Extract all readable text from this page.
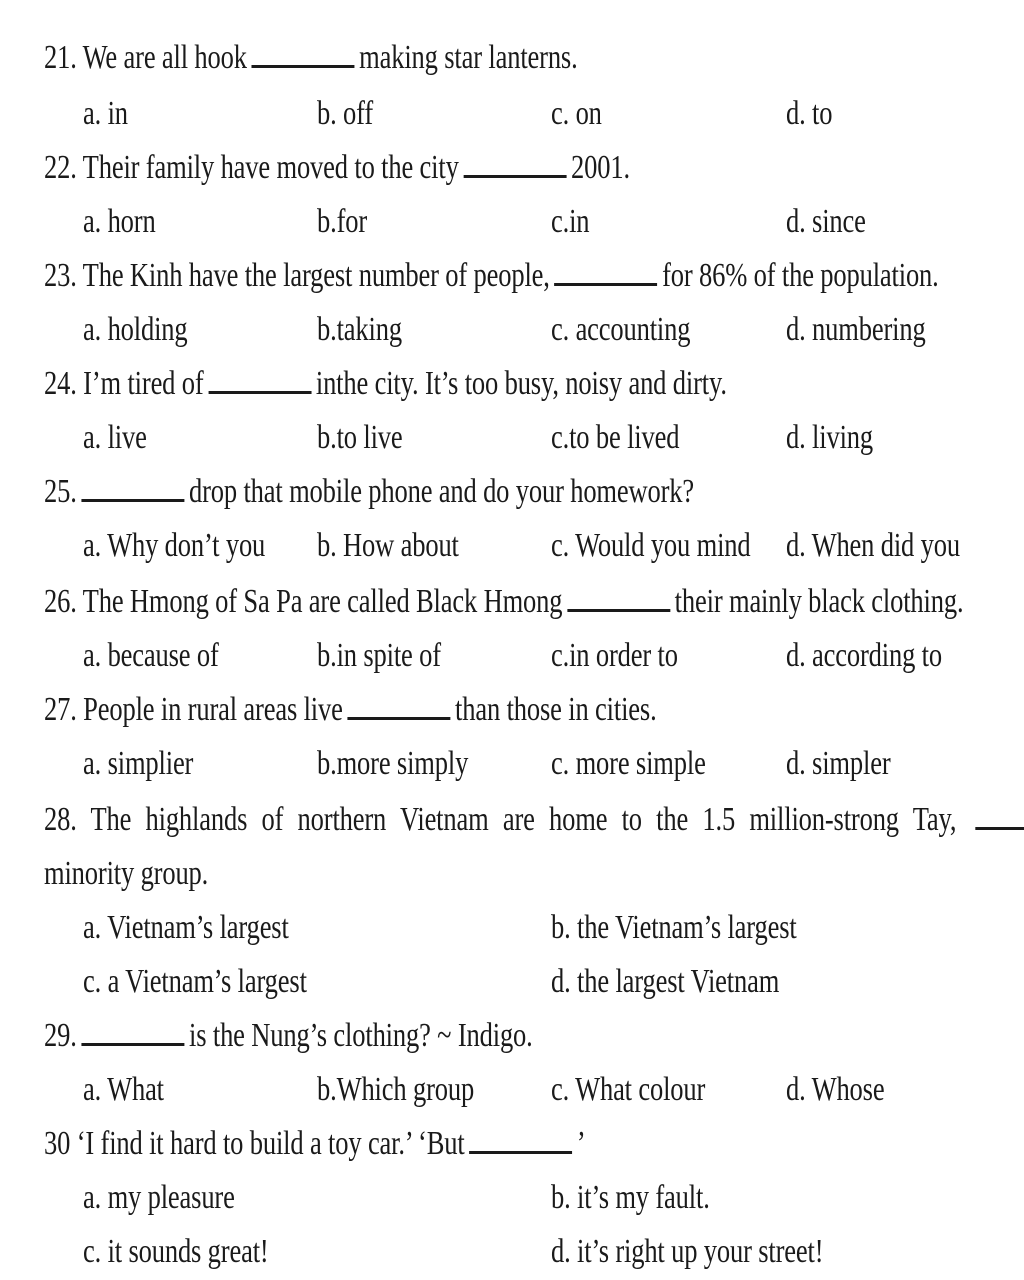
21. We are all hook	making star lanterns.
a. in	b. off	c. on	d. to
22. Their family have moved to the city	2001.
a. horn	b.for	c.in	d. since
23. The Kinh have the largest number of people,	for 86% of the population.
a. holding	b.taking	c. accounting	d. numbering
24. I’m tired of	inthe city. It’s too busy, noisy and dirty.
a. live	b.to live	c.to be lived	d. living
25.	drop that mobile phone and do your homework?
a. Why don’t you b. How about	c. Would you mind d. When did you
26. The Hmong of Sa Pa are called Black Hmong	their mainly black clothing.
a. because of	b.in spite of	c.in order to	d. according to
27. People in rural areas live	than those in cities.
a. simplier	b.more simply c. more simple d. simpler
28. The highlands of northern Vietnam are home to the 1.5 million-strong Tay,
minority group.
a. Vietnam’s largest	b. the Vietnam’s largest
c. a Vietnam’s largest	d. the largest Vietnam
29.	is the Nung’s clothing? ~ Indigo.
a. What	b.Which group c. What colour d. Whose
30 ‘I find it hard to build a toy car.’ ‘But	’
a. my pleasure	b. it’s my fault.
c. it sounds great!	d. it’s right up your street!
